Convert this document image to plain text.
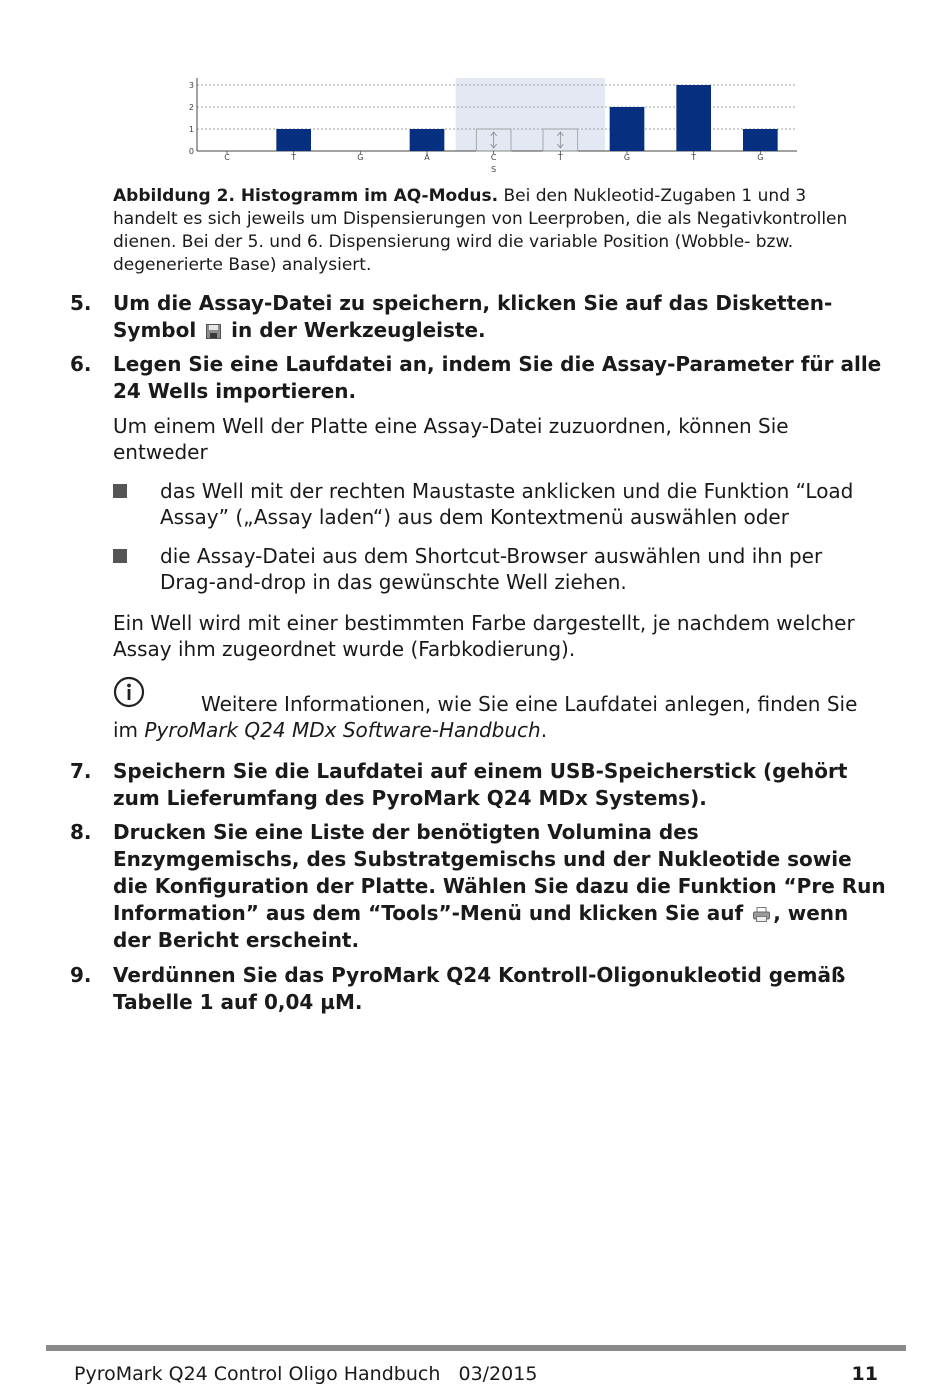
0
1
2
3
C	T	G	A	C
S
T	G	T	G
Abbildung 2. Histogramm im AQ-Modus. Bei den Nukleotid-Zugaben 1 und 3 handelt es sich jeweils um Dispensierungen von Leerproben, die als Negativkontrollen dienen. Bei der 5. und 6. Dispensierung wird die variable Position (Wobble- bzw. degenerierte Base) analysiert.
5.	Um die Assay-Datei zu speichern, klicken Sie auf das Disketten-Symbol in der Werkzeugleiste.
6.	Legen Sie eine Laufdatei an, indem Sie die Assay-Parameter für alle 24 Wells importieren.
Um einem Well der Platte eine Assay-Datei zuzuordnen, können Sie entweder
das Well mit der rechten Maustaste anklicken und die Funktion “Load Assay” („Assay laden“) aus dem Kontextmenü auswählen oder
die Assay-Datei aus dem Shortcut-Browser auswählen und ihn per Drag-and-drop in das gewünschte Well ziehen.
Ein Well wird mit einer bestimmten Farbe dargestellt, je nachdem welcher Assay ihm zugeordnet wurde (Farbkodierung).
Weitere Informationen, wie Sie eine Laufdatei anlegen, finden Sie im PyroMark Q24 MDx Software-Handbuch.
7.	Speichern Sie die Laufdatei auf einem USB-Speicherstick (gehört zum Lieferumfang des PyroMark Q24 MDx Systems).
8.	Drucken Sie eine Liste der benötigten Volumina des Enzymgemischs, des Substratgemischs und der Nukleotide sowie die Konfiguration der Platte. Wählen Sie dazu die Funktion “Pre Run Information” aus dem “Tools”-Menü und klicken Sie auf , wenn der Bericht erscheint.
9.	Verdünnen Sie das PyroMark Q24 Kontroll-Oligonukleotid gemäß Tabelle 1 auf 0,04 µM.
PyroMark Q24 Control Oligo Handbuch   03/2015	11
